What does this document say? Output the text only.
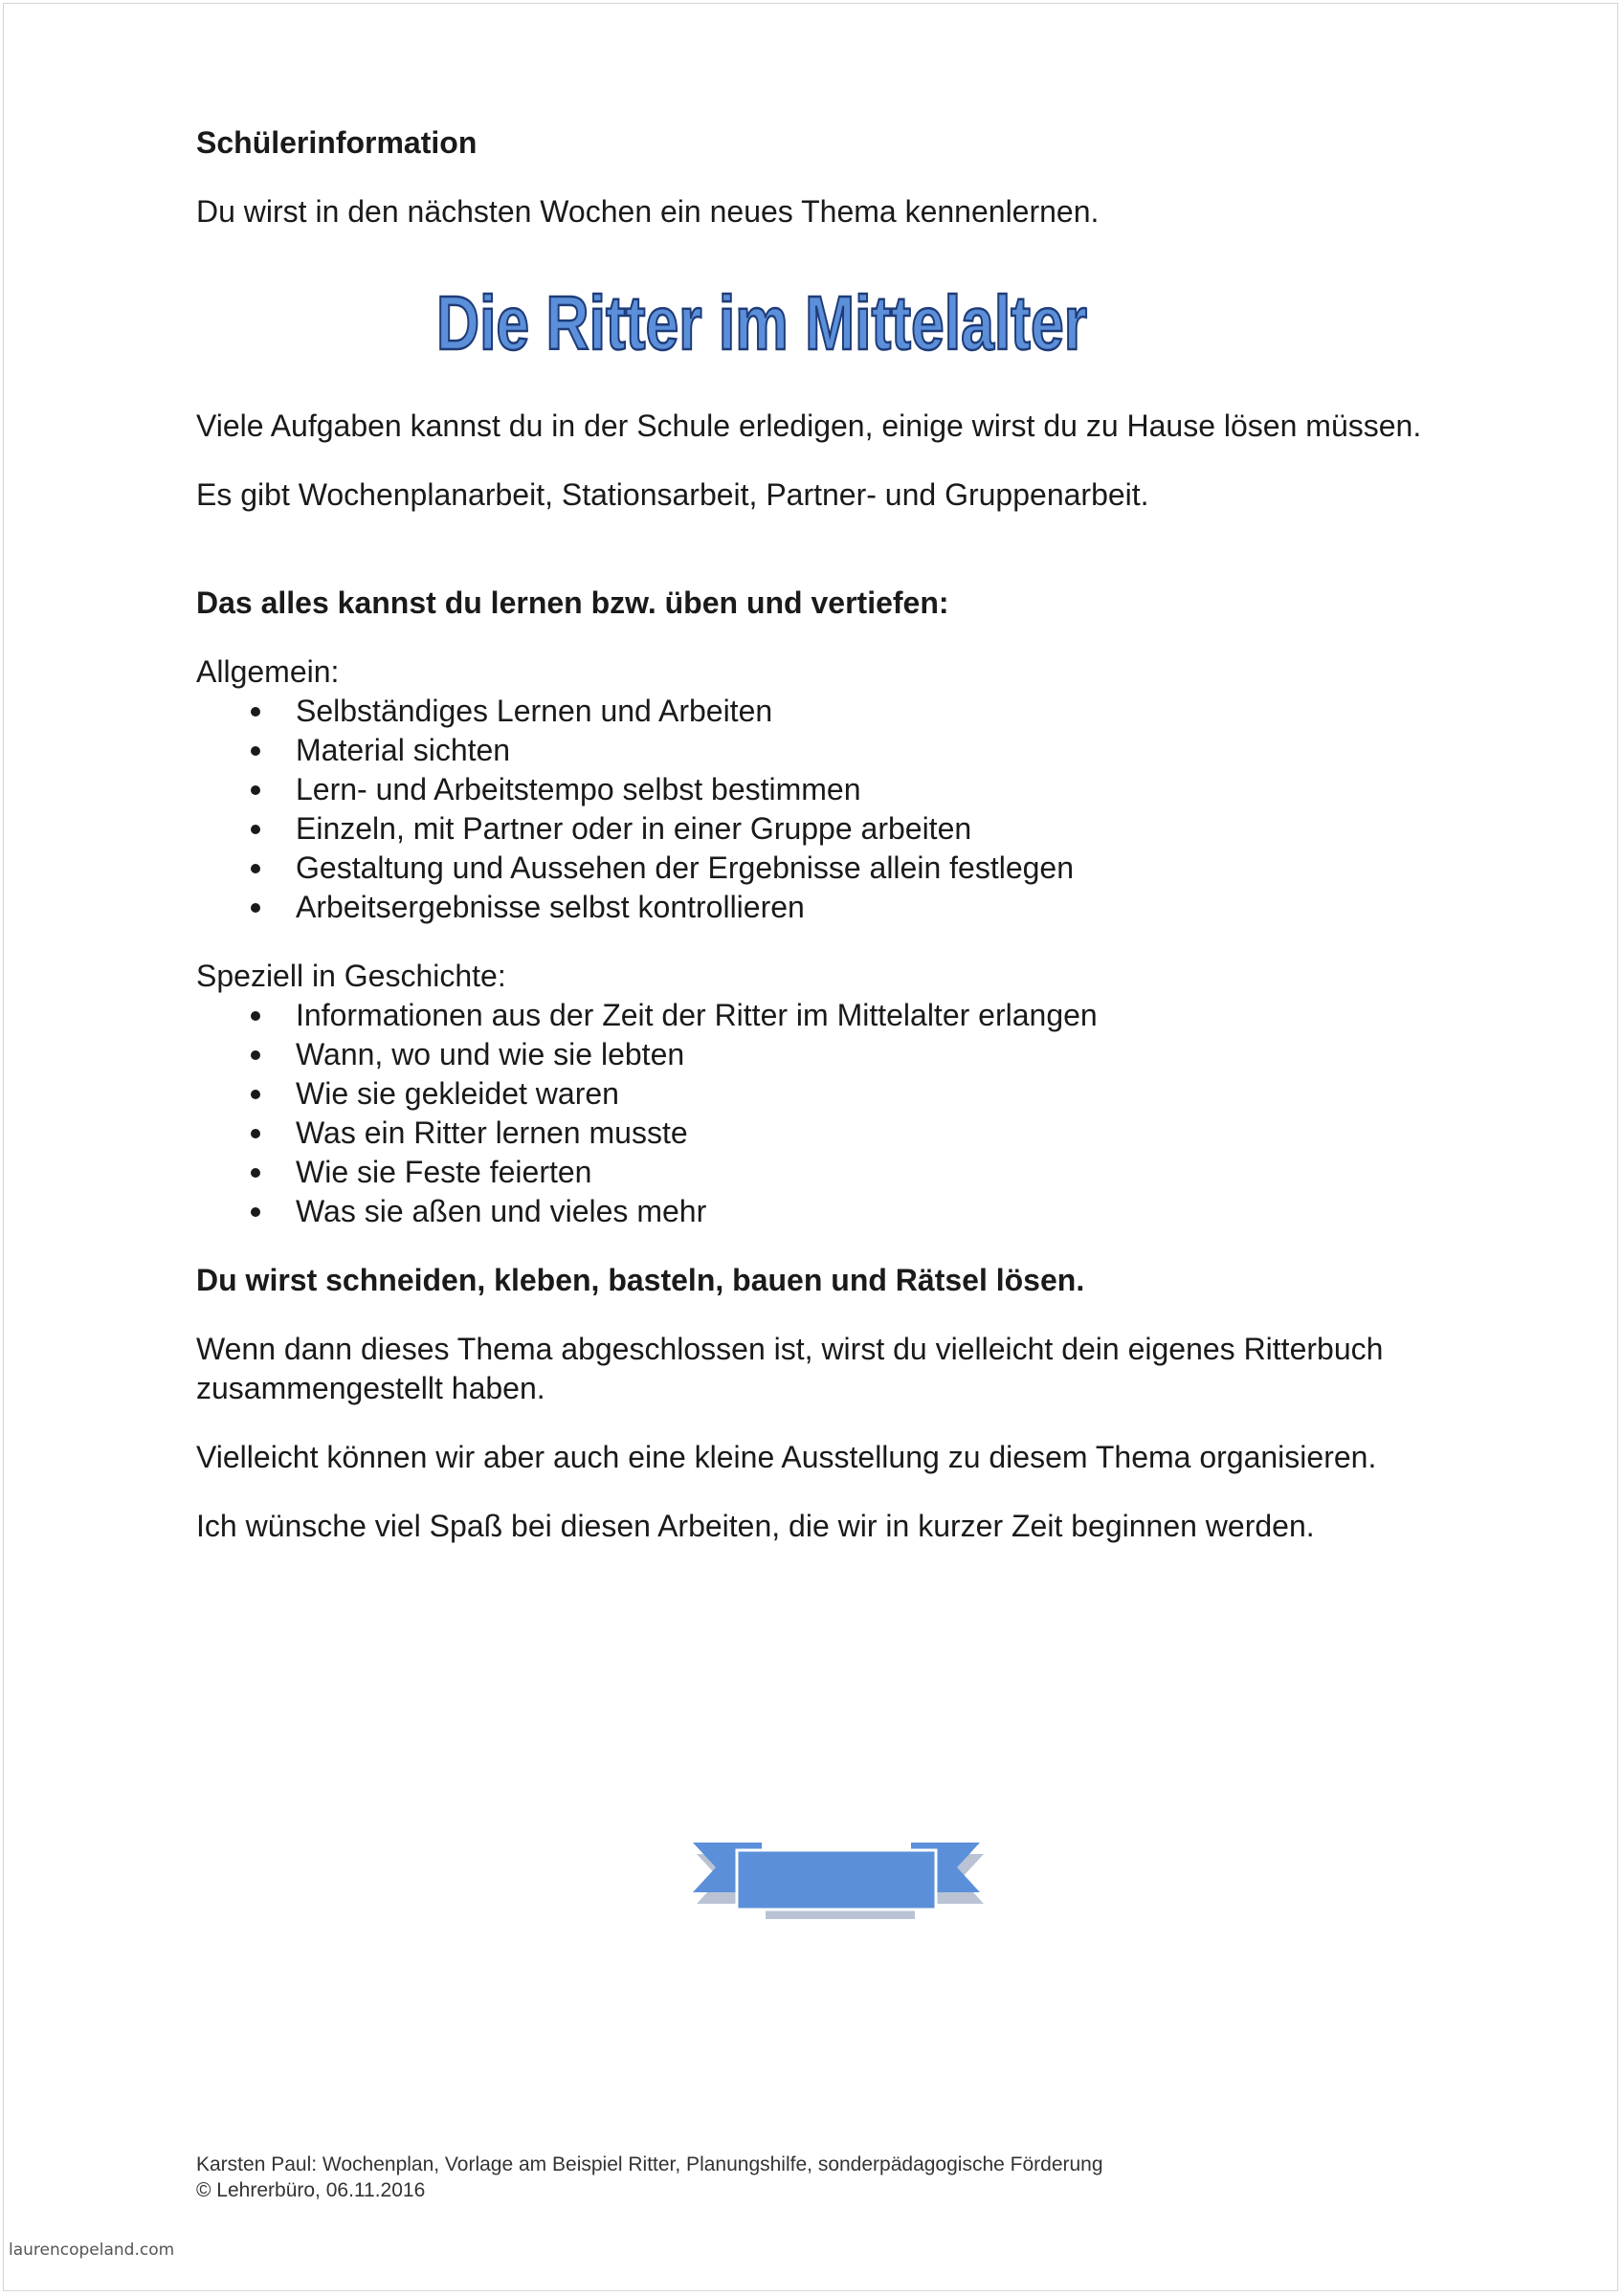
Schülerinformation

Du wirst in den nächsten Wochen ein neues Thema kennenlernen.

Die Ritter im Mittelalter

Viele Aufgaben kannst du in der Schule erledigen, einige wirst du zu Hause lösen müssen.

Es gibt Wochenplanarbeit, Stationsarbeit, Partner- und Gruppenarbeit.

Das alles kannst du lernen bzw. üben und vertiefen:

Allgemein:

Selbständiges Lernen und Arbeiten
Material sichten
Lern- und Arbeitstempo selbst bestimmen
Einzeln, mit Partner oder in einer Gruppe arbeiten
Gestaltung und Aussehen der Ergebnisse allein festlegen
Arbeitsergebnisse selbst kontrollieren

Speziell in Geschichte:

Informationen aus der Zeit der Ritter im Mittelalter erlangen
Wann, wo und wie sie lebten
Wie sie gekleidet waren
Was ein Ritter lernen musste
Wie sie Feste feierten
Was sie aßen und vieles mehr

Du wirst schneiden, kleben, basteln, bauen und Rätsel lösen.

Wenn dann dieses Thema abgeschlossen ist, wirst du vielleicht dein eigenes Ritterbuch zusammengestellt haben.

Vielleicht können wir aber auch eine kleine Ausstellung zu diesem Thema organisieren.

Ich wünsche viel Spaß bei diesen Arbeiten, die wir in kurzer Zeit beginnen werden.

Karsten Paul: Wochenplan, Vorlage am Beispiel Ritter, Planungshilfe, sonderpädagogische Förderung
© Lehrerbüro, 06.11.2016
laurencopeland.com
